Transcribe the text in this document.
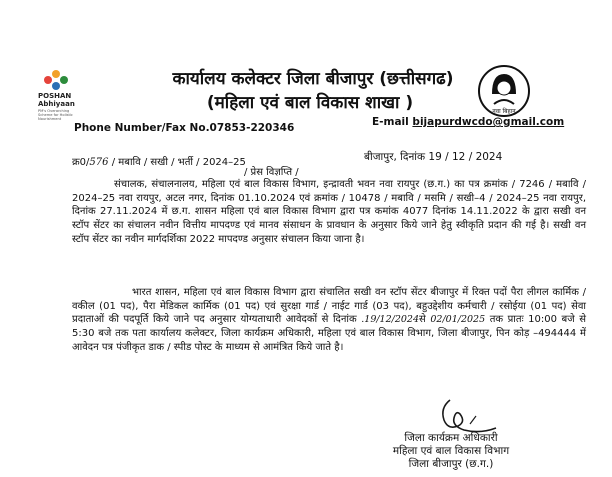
POSHAN
Abhiyaan
PM's Overarching
Scheme for Holistic
Nourishment
कार्यालय कलेक्टर जिला बीजापुर (छत्तीसगढ)
(महिला एवं बाल विकास शाखा )	नवा बिहान
Phone Number/Fax No.07853-220346	E-mail bijapurdwcdo@gmail.com
क्र0/576 / मबावि / सखी / भर्ती / 2024–25	बीजापुर, दिनांक 19 / 12 / 2024
/ प्रेस विज्ञप्ति /
संचालक, संचालनालय, महिला एवं बाल विकास विभाग, इन्द्रावती भवन नवा रायपुर (छ.ग.) का पत्र क्रमांक / 7246 / मबावि / 2024–25 नवा रायपुर, अटल नगर, दिनांक 01.10.2024 एवं क्रमांक / 10478 / मबावि / मसमि / सखी–4 / 2024–25 नवा रायपुर, दिनांक 27.11.2024 में छ.ग. शासन महिला एवं बाल विकास विभाग द्वारा पत्र कमांक 4077 दिनांक 14.11.2022 के द्वारा सखी वन स्टॉप सेंटर का संचालन नवीन वित्तीय मापदण्ड एवं मानव संसाधन के प्रावधान के अनुसार किये जाने हेतु स्वीकृति प्रदान की गई है। सखी वन स्टॉप सेंटर का नवीन मार्गदर्शिका 2022 मापदण्ड अनुसार संचालन किया जाना है।
भारत शासन, महिला एवं बाल विकास विभाग द्वारा संचालित सखी वन स्टॉप सेंटर बीजापुर में रिक्त पदों पैरा लीगल कार्मिक / वकील (01 पद), पैरा मेडिकल कार्मिक (01 पद) एवं सुरक्षा गार्ड / नाईट गार्ड (03 पद), बहुउद्देशीय कर्मचारी / रसोईया (01 पद) सेवा प्रदाताओं की पदपूर्ति किये जाने पद अनुसार योग्यताधारी आवेदकों से दिनांक .19/12/2024से 02/01/2025 तक प्रातः 10:00 बजे से 5:30 बजे तक पता कार्यालय कलेक्टर, जिला कार्यक्रम अधिकारी, महिला एवं बाल विकास विभाग, जिला बीजापुर, पिन कोड़ –494444 में आवेदन पत्र पंजीकृत डाक / स्पीड पोस्ट के माध्यम से आमंत्रित किये जाते है।
जिला कार्यक्रम अधिकारी
महिला एवं बाल विकास विभाग
जिला बीजापुर (छ.ग.)
